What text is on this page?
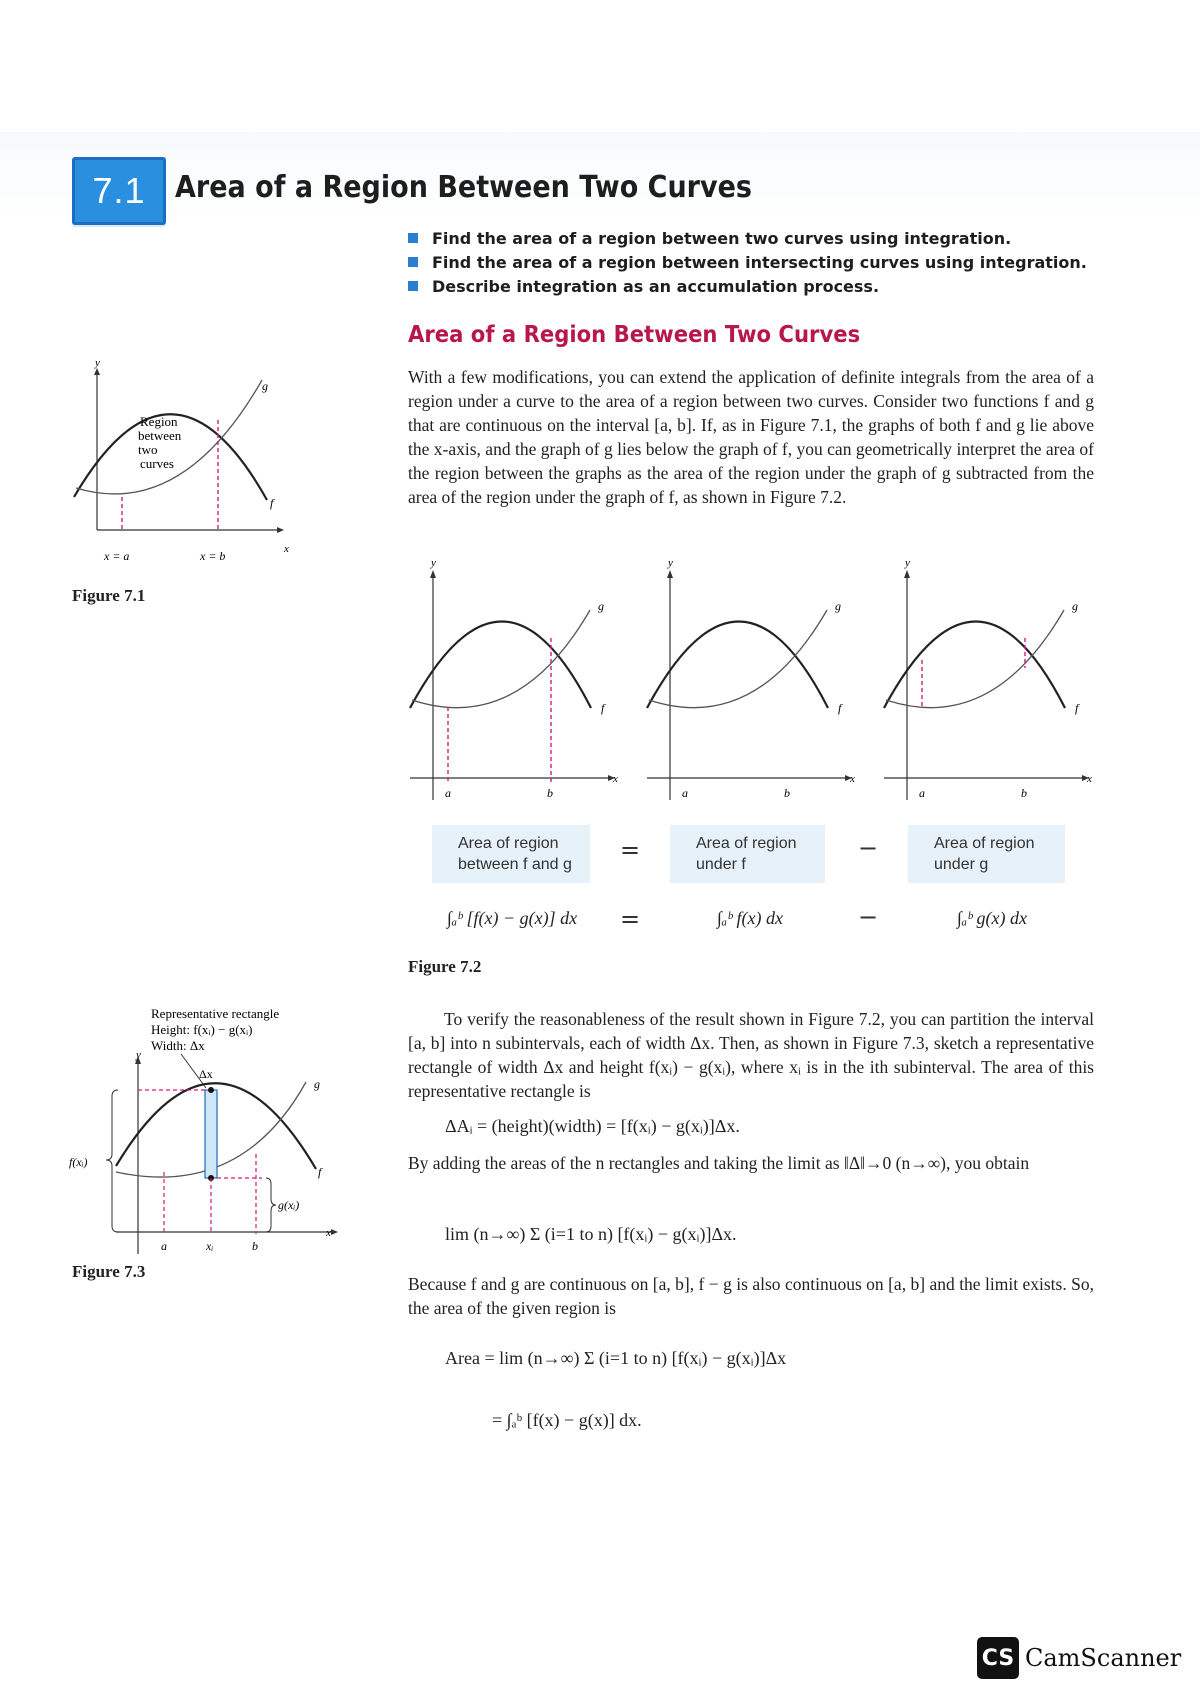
7.1 Area of a Region Between Two Curves
Find the area of a region between two curves using integration.
Find the area of a region between intersecting curves using integration.
Describe integration as an accumulation process.
Area of a Region Between Two Curves

With a few modifications, you can extend the application of definite integrals from the area of a region under a curve to the area of a region between two curves. Consider two functions f and g that are continuous on the interval [a, b]. If, as in Figure 7.1, the graphs of both f and g lie above the x-axis, and the graph of g lies below the graph of f, you can geometrically interpret the area of the region between the graphs as the area of the region under the graph of g subtracted from the area of the region under the graph of f, as shown in Figure 7.2.

y
x
Region
between
two
curves
g
f
x = a	x = b
Figure 7.1
y
x
a	b
g
f
y
x
a	b
g
f
y
x
a	b
g
f
Area of region
between f and g
=	Area of region
under f
−	Area of region
under g
∫ₐᵇ [f(x) − g(x)] dx =	∫ₐᵇ f(x) dx	−	∫ₐᵇ g(x) dx
Figure 7.2

To verify the reasonableness of the result shown in Figure 7.2, you can partition the interval [a, b] into n subintervals, each of width Δx. Then, as shown in Figure 7.3, sketch a representative rectangle of width Δx and height f(xᵢ) − g(xᵢ), where xᵢ is in the ith subinterval. The area of this representative rectangle is

ΔAᵢ = (height)(width) = [f(xᵢ) − g(xᵢ)]Δx.

By adding the areas of the n rectangles and taking the limit as ‖Δ‖→0 (n→∞), you obtain

lim (n→∞) Σ (i=1 to n) [f(xᵢ) − g(xᵢ)]Δx.

Because f and g are continuous on [a, b], f − g is also continuous on [a, b] and the limit exists. So, the area of the given region is

Area = lim (n→∞) Σ (i=1 to n) [f(xᵢ) − g(xᵢ)]Δx
= ∫ₐᵇ [f(x) − g(x)] dx.
Representative rectangle
Height: f(xᵢ) − g(xᵢ)
Width: Δx
y
x
Δx
f(xᵢ)
g(xᵢ)
a	xᵢ	b
g
f
Figure 7.3
CS CamScanner
